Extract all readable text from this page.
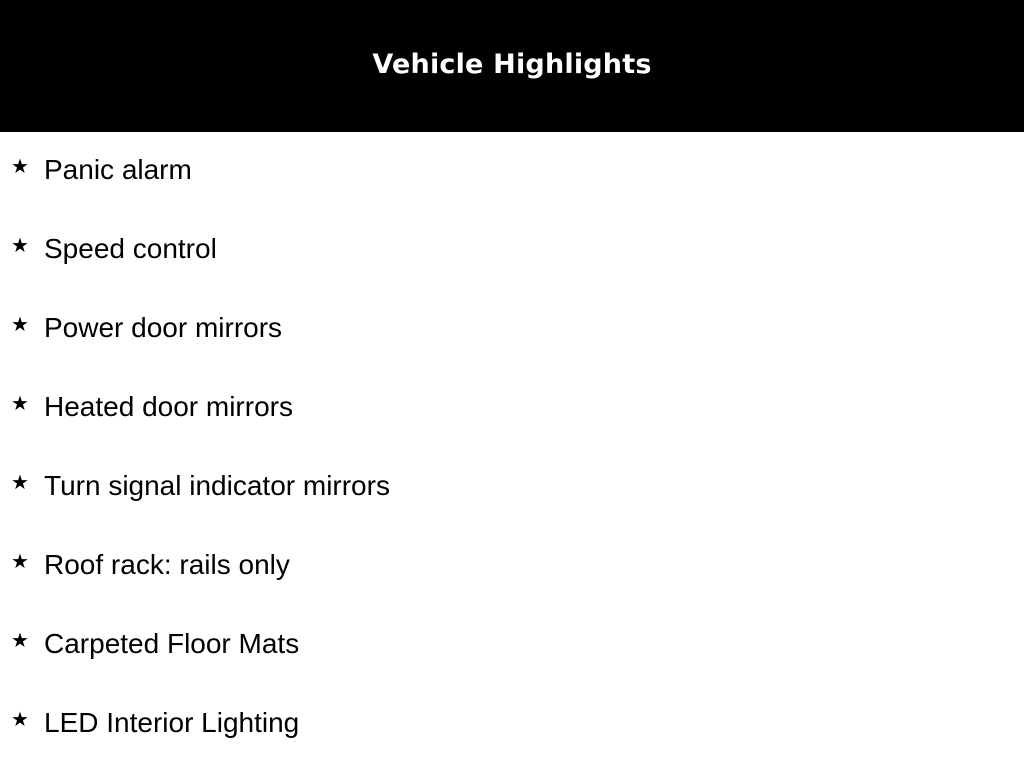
Vehicle Highlights
★ Panic alarm
★ Speed control
★ Power door mirrors
★ Heated door mirrors
★ Turn signal indicator mirrors
★ Roof rack: rails only
★ Carpeted Floor Mats
★ LED Interior Lighting
